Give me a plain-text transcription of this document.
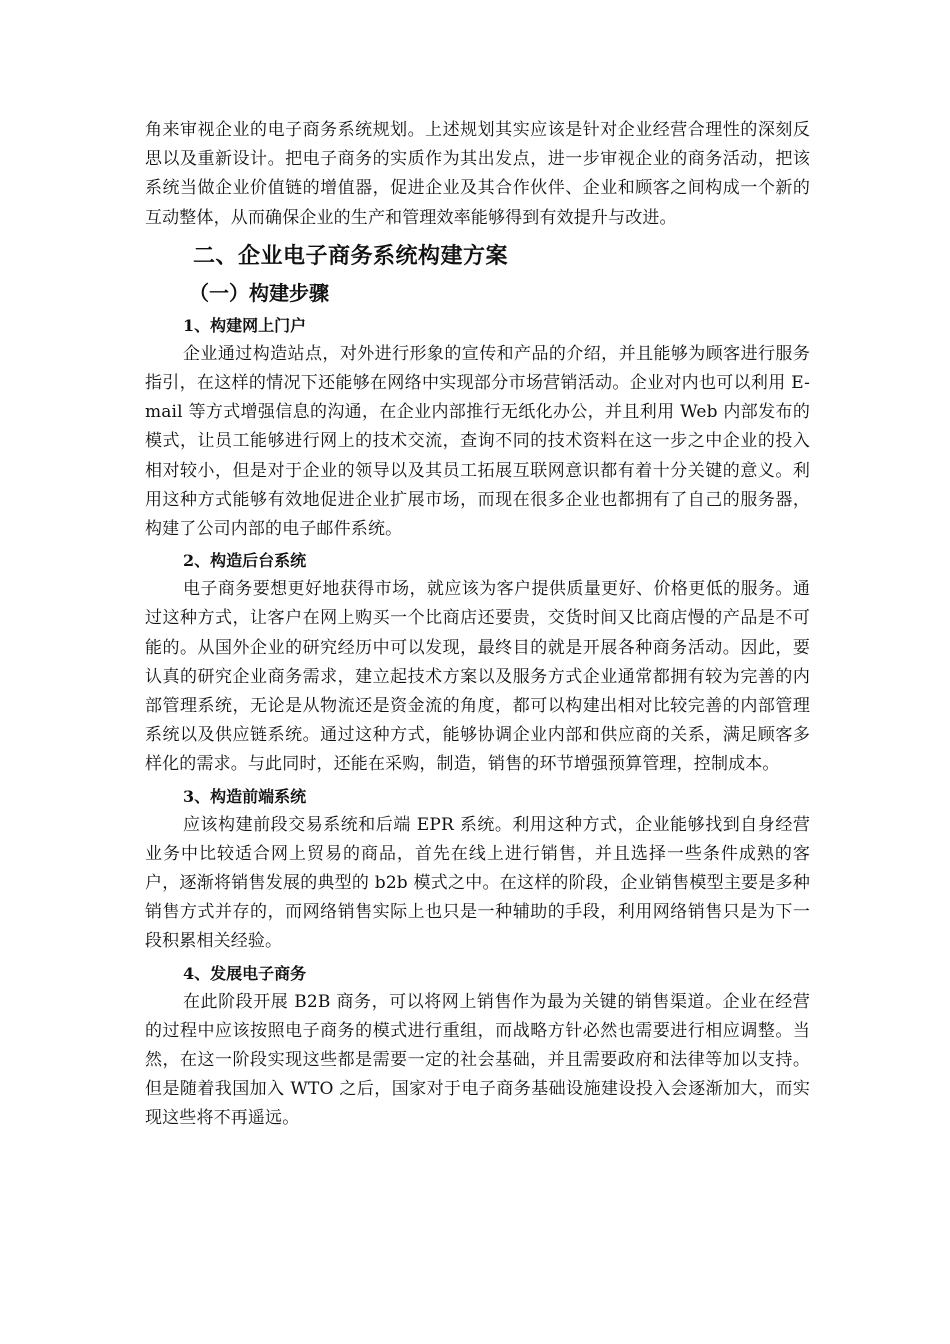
角来审视企业的电子商务系统规划。上述规划其实应该是针对企业经营合理性的深刻反思以及重新设计。把电子商务的实质作为其出发点，进一步审视企业的商务活动，把该系统当做企业价值链的增值器，促进企业及其合作伙伴、企业和顾客之间构成一个新的互动整体，从而确保企业的生产和管理效率能够得到有效提升与改进。

二、企业电子商务系统构建方案
（一）构建步骤
1、构建网上门户

企业通过构造站点，对外进行形象的宣传和产品的介绍，并且能够为顾客进行服务指引，在这样的情况下还能够在网络中实现部分市场营销活动。企业对内也可以利用 E-mail 等方式增强信息的沟通，在企业内部推行无纸化办公，并且利用 Web 内部发布的模式，让员工能够进行网上的技术交流，查询不同的技术资料在这一步之中企业的投入相对较小，但是对于企业的领导以及其员工拓展互联网意识都有着十分关键的意义。利用这种方式能够有效地促进企业扩展市场，而现在很多企业也都拥有了自己的服务器，构建了公司内部的电子邮件系统。

2、构造后台系统

电子商务要想更好地获得市场，就应该为客户提供质量更好、价格更低的服务。通过这种方式，让客户在网上购买一个比商店还要贵，交货时间又比商店慢的产品是不可能的。从国外企业的研究经历中可以发现，最终目的就是开展各种商务活动。因此，要认真的研究企业商务需求，建立起技术方案以及服务方式企业通常都拥有较为完善的内部管理系统，无论是从物流还是资金流的角度，都可以构建出相对比较完善的内部管理系统以及供应链系统。通过这种方式，能够协调企业内部和供应商的关系，满足顾客多样化的需求。与此同时，还能在采购，制造，销售的环节增强预算管理，控制成本。

3、构造前端系统

应该构建前段交易系统和后端 EPR 系统。利用这种方式，企业能够找到自身经营业务中比较适合网上贸易的商品，首先在线上进行销售，并且选择一些条件成熟的客户，逐渐将销售发展的典型的 b2b 模式之中。在这样的阶段，企业销售模型主要是多种销售方式并存的，而网络销售实际上也只是一种辅助的手段，利用网络销售只是为下一段积累相关经验。

4、发展电子商务

在此阶段开展 B2B 商务，可以将网上销售作为最为关键的销售渠道。企业在经营的过程中应该按照电子商务的模式进行重组，而战略方针必然也需要进行相应调整。当然，在这一阶段实现这些都是需要一定的社会基础，并且需要政府和法律等加以支持。但是随着我国加入 WTO 之后，国家对于电子商务基础设施建设投入会逐渐加大，而实现这些将不再遥远。
